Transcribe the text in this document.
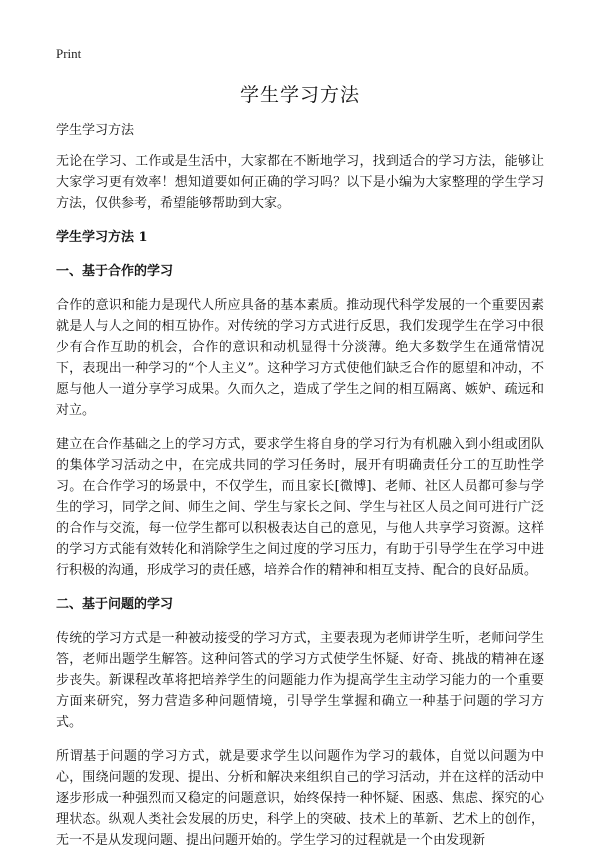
Print
学生学习方法

学生学习方法

无论在学习、工作或是生活中，大家都在不断地学习，找到适合的学习方法，能够让大家学习更有效率！想知道要如何正确的学习吗？以下是小编为大家整理的学生学习方法，仅供参考，希望能够帮助到大家。

学生学习方法 1

一、基于合作的学习

合作的意识和能力是现代人所应具备的基本素质。推动现代科学发展的一个重要因素就是人与人之间的相互协作。对传统的学习方式进行反思，我们发现学生在学习中很少有合作互助的机会，合作的意识和动机显得十分淡薄。绝大多数学生在通常情况下，表现出一种学习的“个人主义”。这种学习方式使他们缺乏合作的愿望和冲动，不愿与他人一道分享学习成果。久而久之，造成了学生之间的相互隔离、嫉妒、疏远和对立。

建立在合作基础之上的学习方式，要求学生将自身的学习行为有机融入到小组或团队的集体学习活动之中，在完成共同的学习任务时，展开有明确责任分工的互助性学习。在合作学习的场景中，不仅学生，而且家长[微博]、老师、社区人员都可参与学生的学习，同学之间、师生之间、学生与家长之间、学生与社区人员之间可进行广泛的合作与交流，每一位学生都可以积极表达自己的意见，与他人共享学习资源。这样的学习方式能有效转化和消除学生之间过度的学习压力，有助于引导学生在学习中进行积极的沟通，形成学习的责任感，培养合作的精神和相互支持、配合的良好品质。

二、基于问题的学习

传统的学习方式是一种被动接受的学习方式，主要表现为老师讲学生听，老师问学生答，老师出题学生解答。这种问答式的学习方式使学生怀疑、好奇、挑战的精神在逐步丧失。新课程改革将把培养学生的问题能力作为提高学生主动学习能力的一个重要方面来研究，努力营造多种问题情境，引导学生掌握和确立一种基于问题的学习方式。

所谓基于问题的学习方式，就是要求学生以问题作为学习的载体，自觉以问题为中心，围绕问题的发现、提出、分析和解决来组织自己的学习活动，并在这样的活动中逐步形成一种强烈而又稳定的问题意识，始终保持一种怀疑、困惑、焦虑、探究的心理状态。纵观人类社会发展的历史，科学上的突破、技术上的革新、艺术上的创作，无一不是从发现问题、提出问题开始的。学生学习的过程就是一个由发现新
